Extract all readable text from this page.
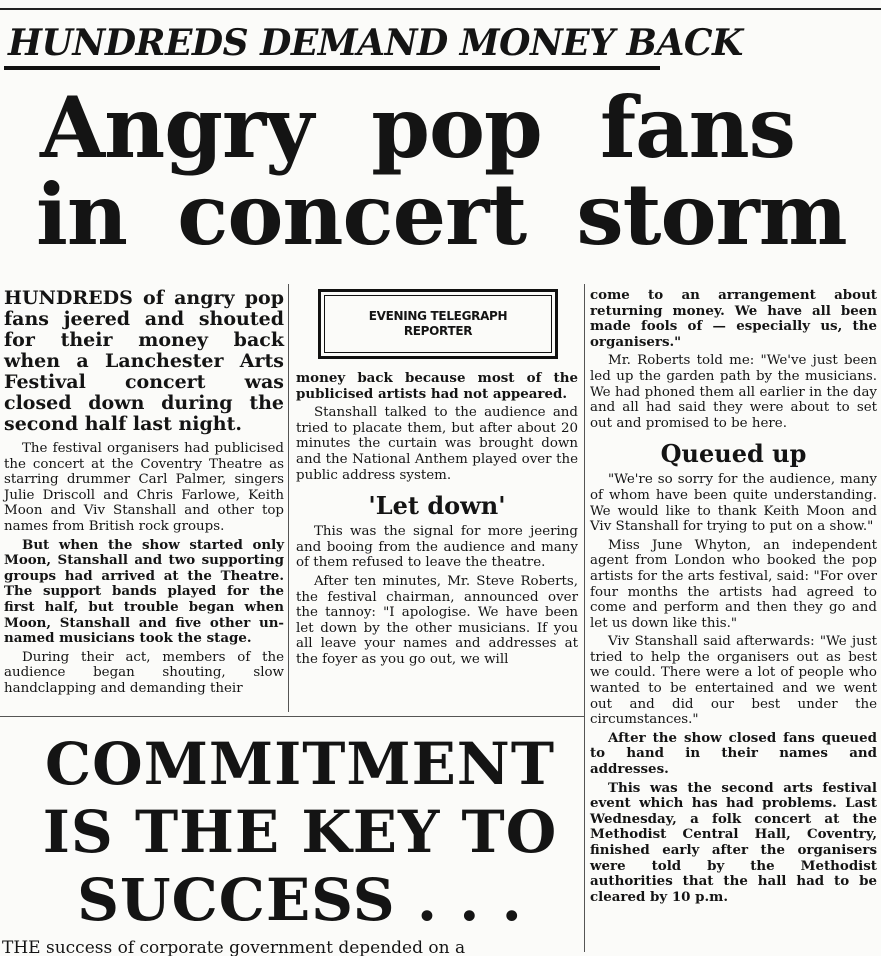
HUNDREDS DEMAND MONEY BACK
Angry pop fans
in concert storm

HUNDREDS of angry pop fans jeered and shouted for their money back when a Lanchester Arts Festival concert was closed down during the second half last night.

The festival organisers had publicised the concert at the Coventry Theatre as starring drummer Carl Palmer, singers Julie Driscoll and Chris Farlowe, Keith Moon and Viv Stanshall and other top names from British rock groups.

But when the show started only Moon, Stanshall and two supporting groups had arrived at the Theatre. The support bands played for the first half, but trouble began when Moon, Stanshall and five other un-named musicians took the stage.

During their act, members of the audience began shouting, slow handclapping and demanding their

EVENING TELEGRAPH
REPORTER

money back because most of the publicised artists had not appeared.

Stanshall talked to the audience and tried to placate them, but after about 20 minutes the curtain was brought down and the National Anthem played over the public address system.

'Let down'

This was the signal for more jeering and booing from the audience and many of them refused to leave the theatre.

After ten minutes, Mr. Steve Roberts, the festival chairman, announced over the tannoy: "I apologise. We have been let down by the other musicians. If you all leave your names and addresses at the foyer as you go out, we will

come to an arrangement about returning money. We have all been made fools of — especially us, the organisers."

Mr. Roberts told me: "We've just been led up the garden path by the musicians. We had phoned them all earlier in the day and all had said they were about to set out and promised to be here.

Queued up

"We're so sorry for the audience, many of whom have been quite understanding. We would like to thank Keith Moon and Viv Stanshall for trying to put on a show."

Miss June Whyton, an independent agent from London who booked the pop artists for the arts festival, said: "For over four months the artists had agreed to come and perform and then they go and let us down like this."

Viv Stanshall said afterwards: "We just tried to help the organisers out as best we could. There were a lot of people who wanted to be entertained and we went out and did our best under the circumstances."

After the show closed fans queued to hand in their names and addresses.

This was the second arts festival event which has had problems. Last Wednesday, a folk concert at the Methodist Central Hall, Coventry, finished early after the organisers were told by the Methodist authorities that the hall had to be cleared by 10 p.m.

COMMITMENT
IS THE KEY TO
SUCCESS . . .
THE success of corporate government depended on a
